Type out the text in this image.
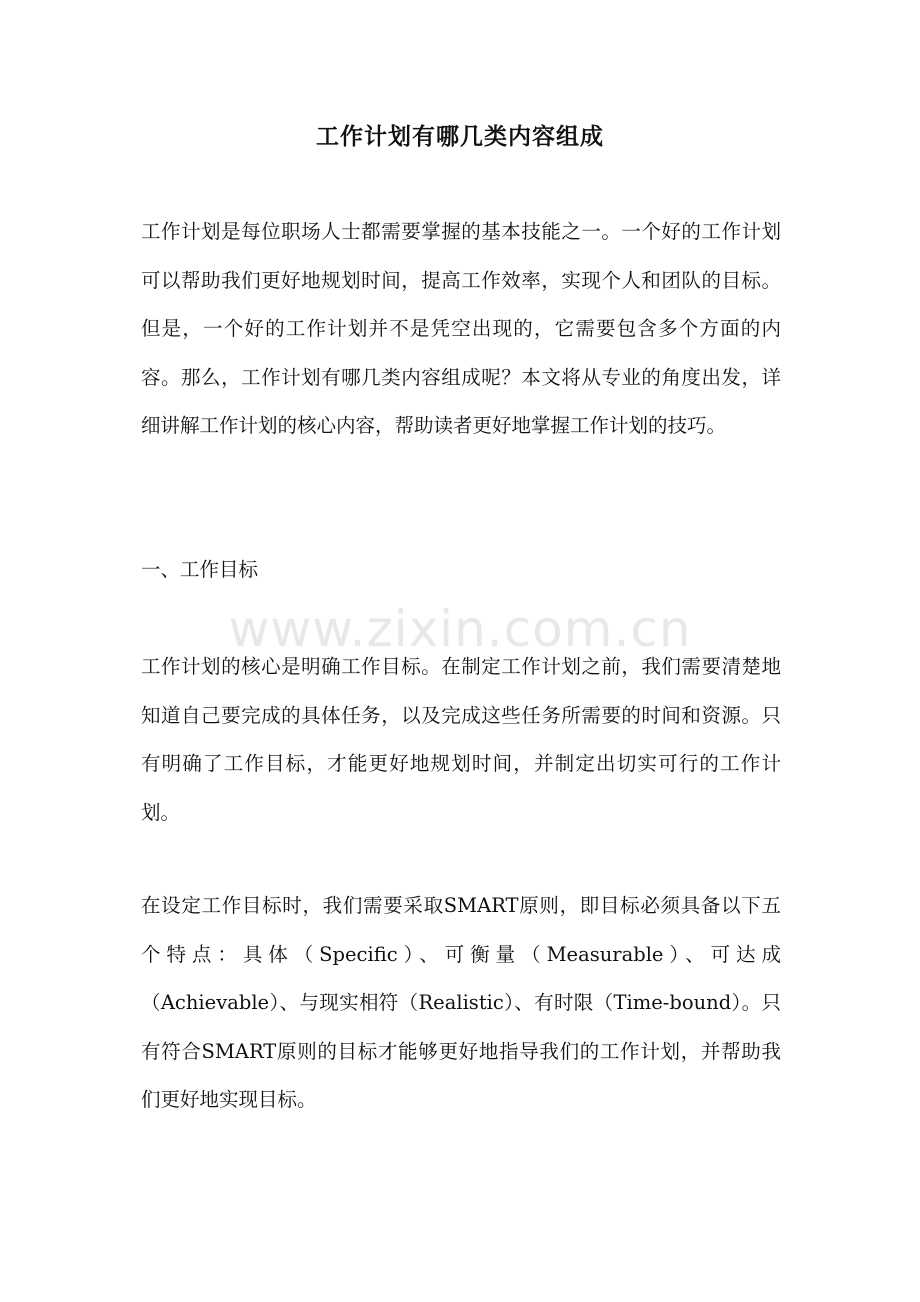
工作计划有哪几类内容组成

工作计划是每位职场人士都需要掌握的基本技能之一。一个好的工作计划可以帮助我们更好地规划时间，提高工作效率，实现个人和团队的目标。但是，一个好的工作计划并不是凭空出现的，它需要包含多个方面的内容。那么，工作计划有哪几类内容组成呢？本文将从专业的角度出发，详细讲解工作计划的核心内容，帮助读者更好地掌握工作计划的技巧。

一、工作目标

www.zixin.com.cn

工作计划的核心是明确工作目标。在制定工作计划之前，我们需要清楚地知道自己要完成的具体任务，以及完成这些任务所需要的时间和资源。只有明确了工作目标，才能更好地规划时间，并制定出切实可行的工作计划。

在设定工作目标时，我们需要采取SMART原则，即目标必须具备以下五个特点：具体（Specific）、可衡量（Measurable）、可达成（Achievable）、与现实相符（Realistic）、有时限（Time-bound）。只有符合SMART原则的目标才能够更好地指导我们的工作计划，并帮助我们更好地实现目标。
